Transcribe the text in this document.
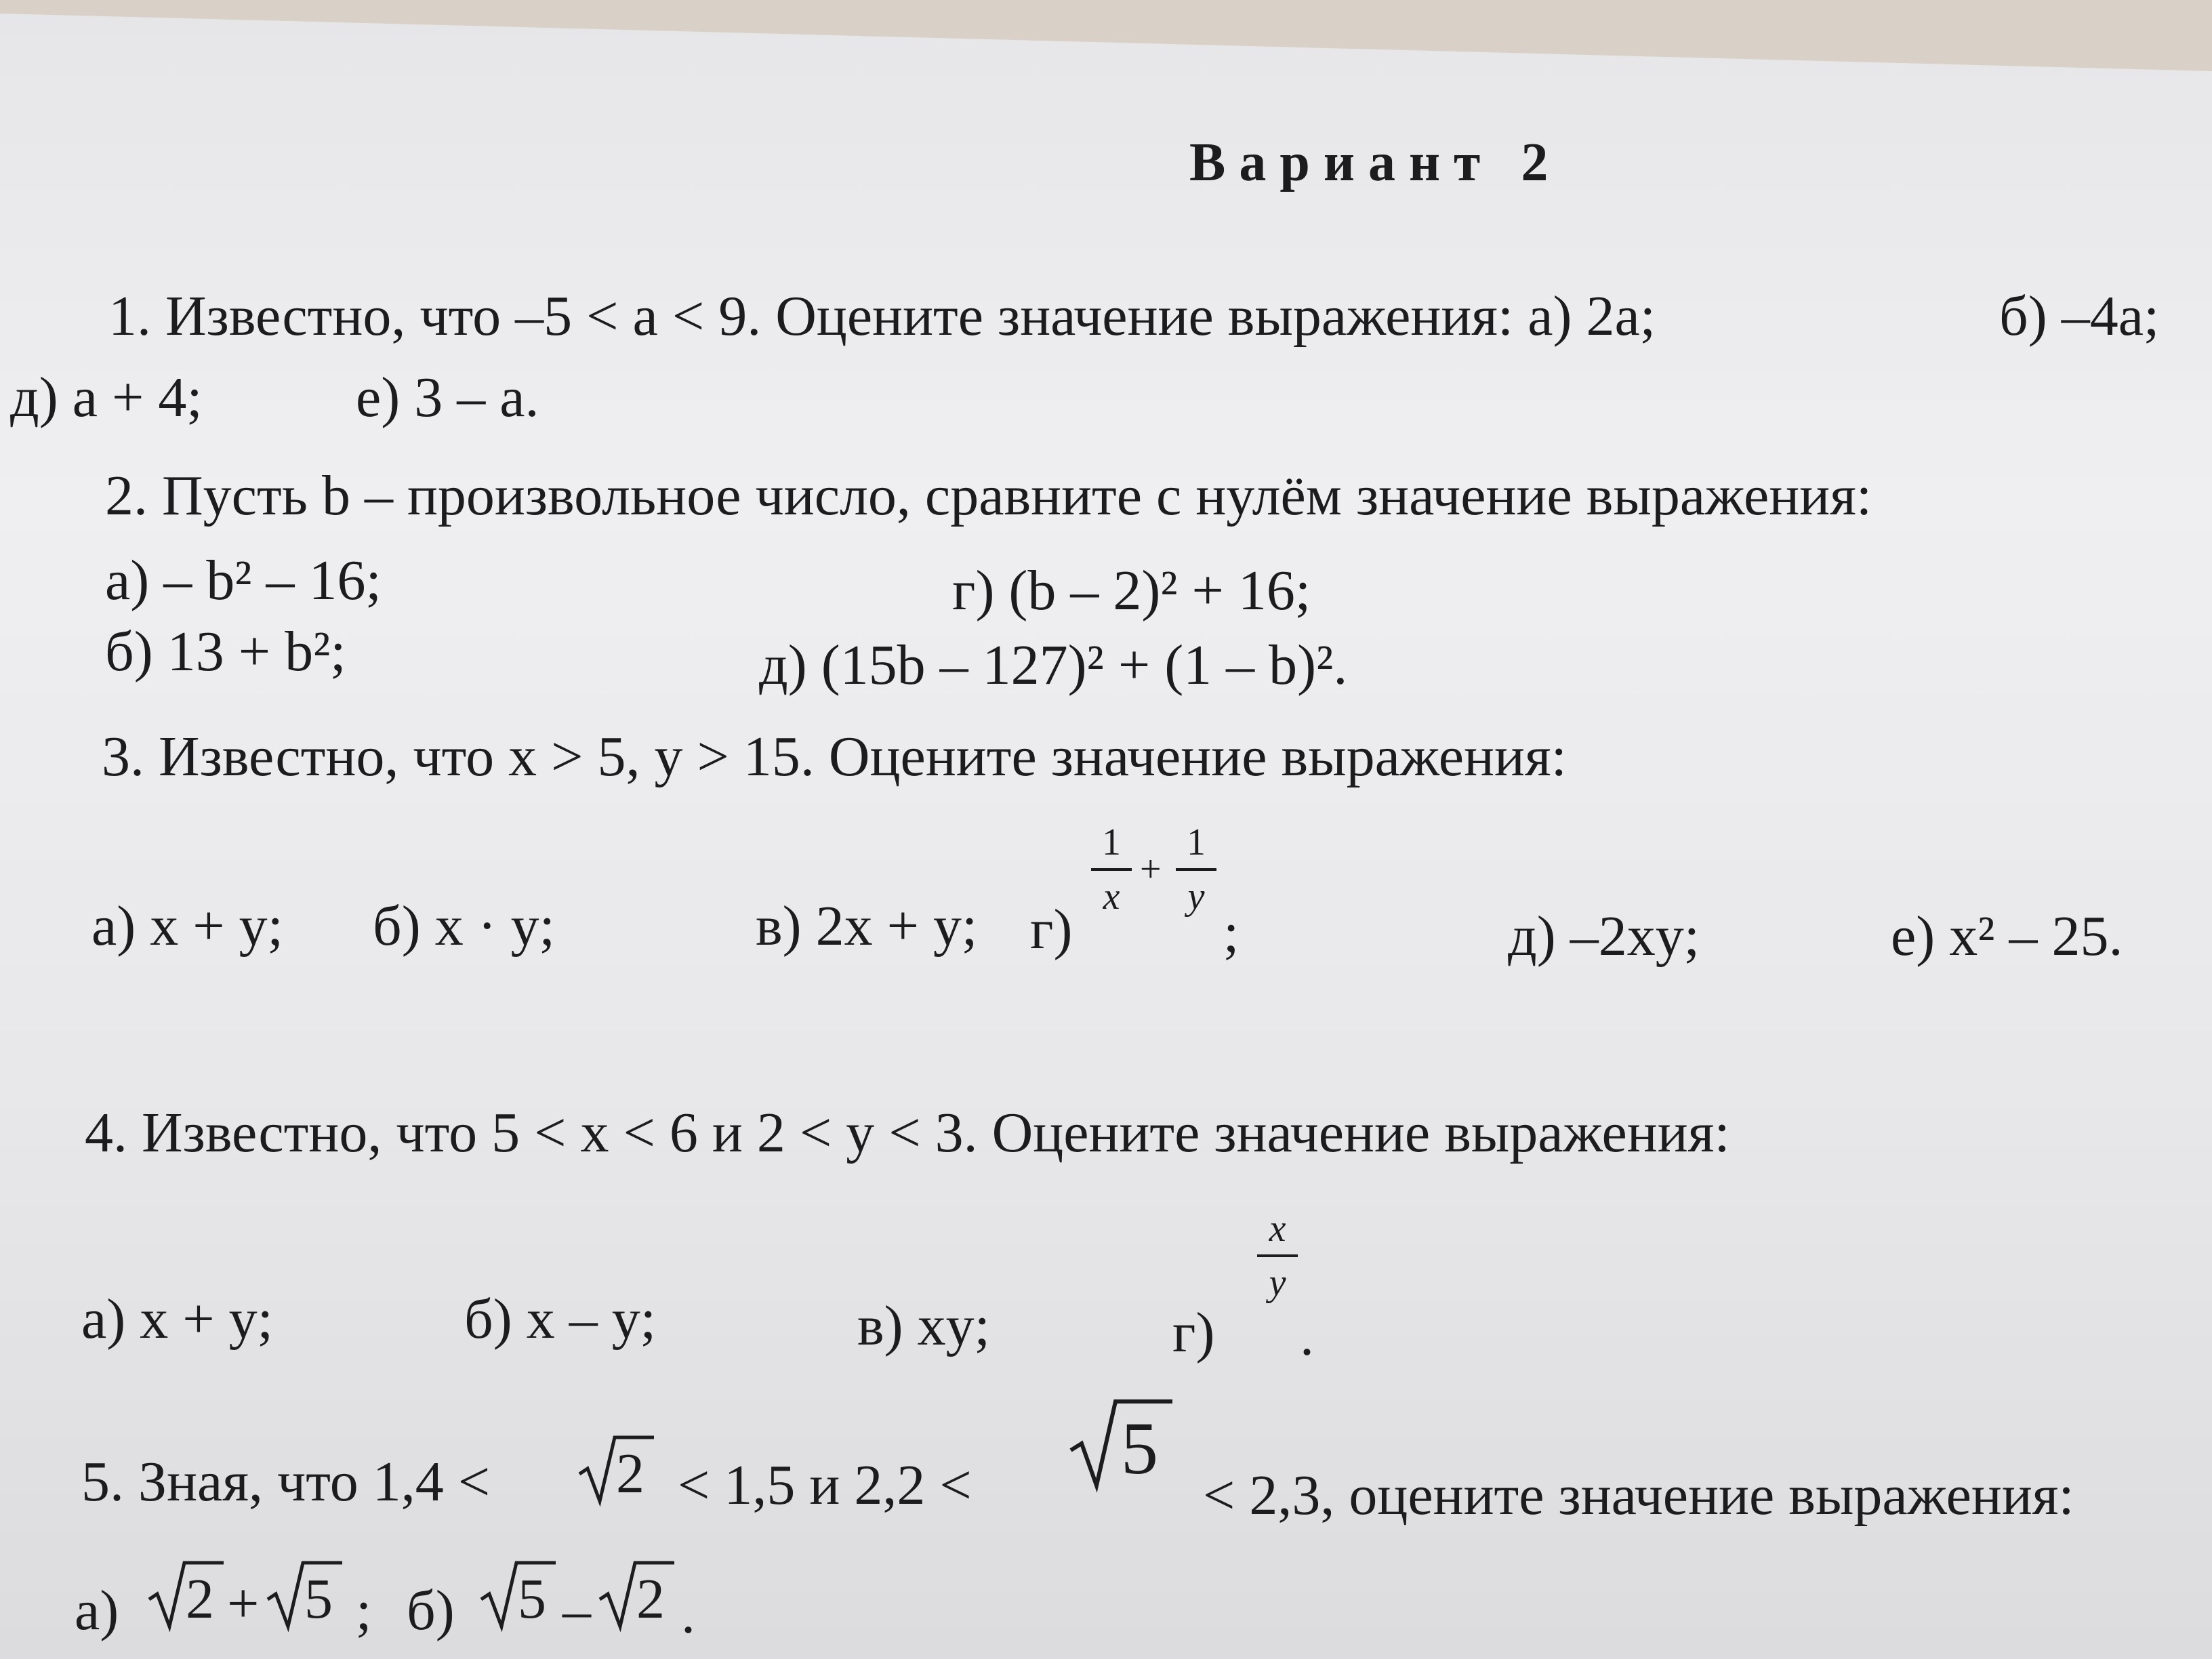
Вариант 2
1. Известно, что –5 < a < 9. Оцените значение выражения: а) 2a;	б) –4a;
д) a + 4;	е) 3 – a.
2. Пусть b – произвольное число, сравните с нулём значение выражения:
а) – b² – 16;	г) (b – 2)² + 16;
б) 13 + b²;	д) (15b – 127)² + (1 – b)².
3. Известно, что x > 5, y > 15. Оцените значение выражения:
а) x + y; б) x · y;	в) 2x + y; г)
1
x
+
1
y
;	д) –2xy;	е) x² – 25.
4. Известно, что 5 < x < 6 и 2 < y < 3. Оцените значение выражения:
а) x + y;	б) x – y;	в) xy;	г)
x
y
.
5. Зная, что 1,4 < 2 < 1,5 и 2,2 < 5
< 2,3, оцените значение выражения:
а) 2 + 5 ; б) 5 – 2 .
